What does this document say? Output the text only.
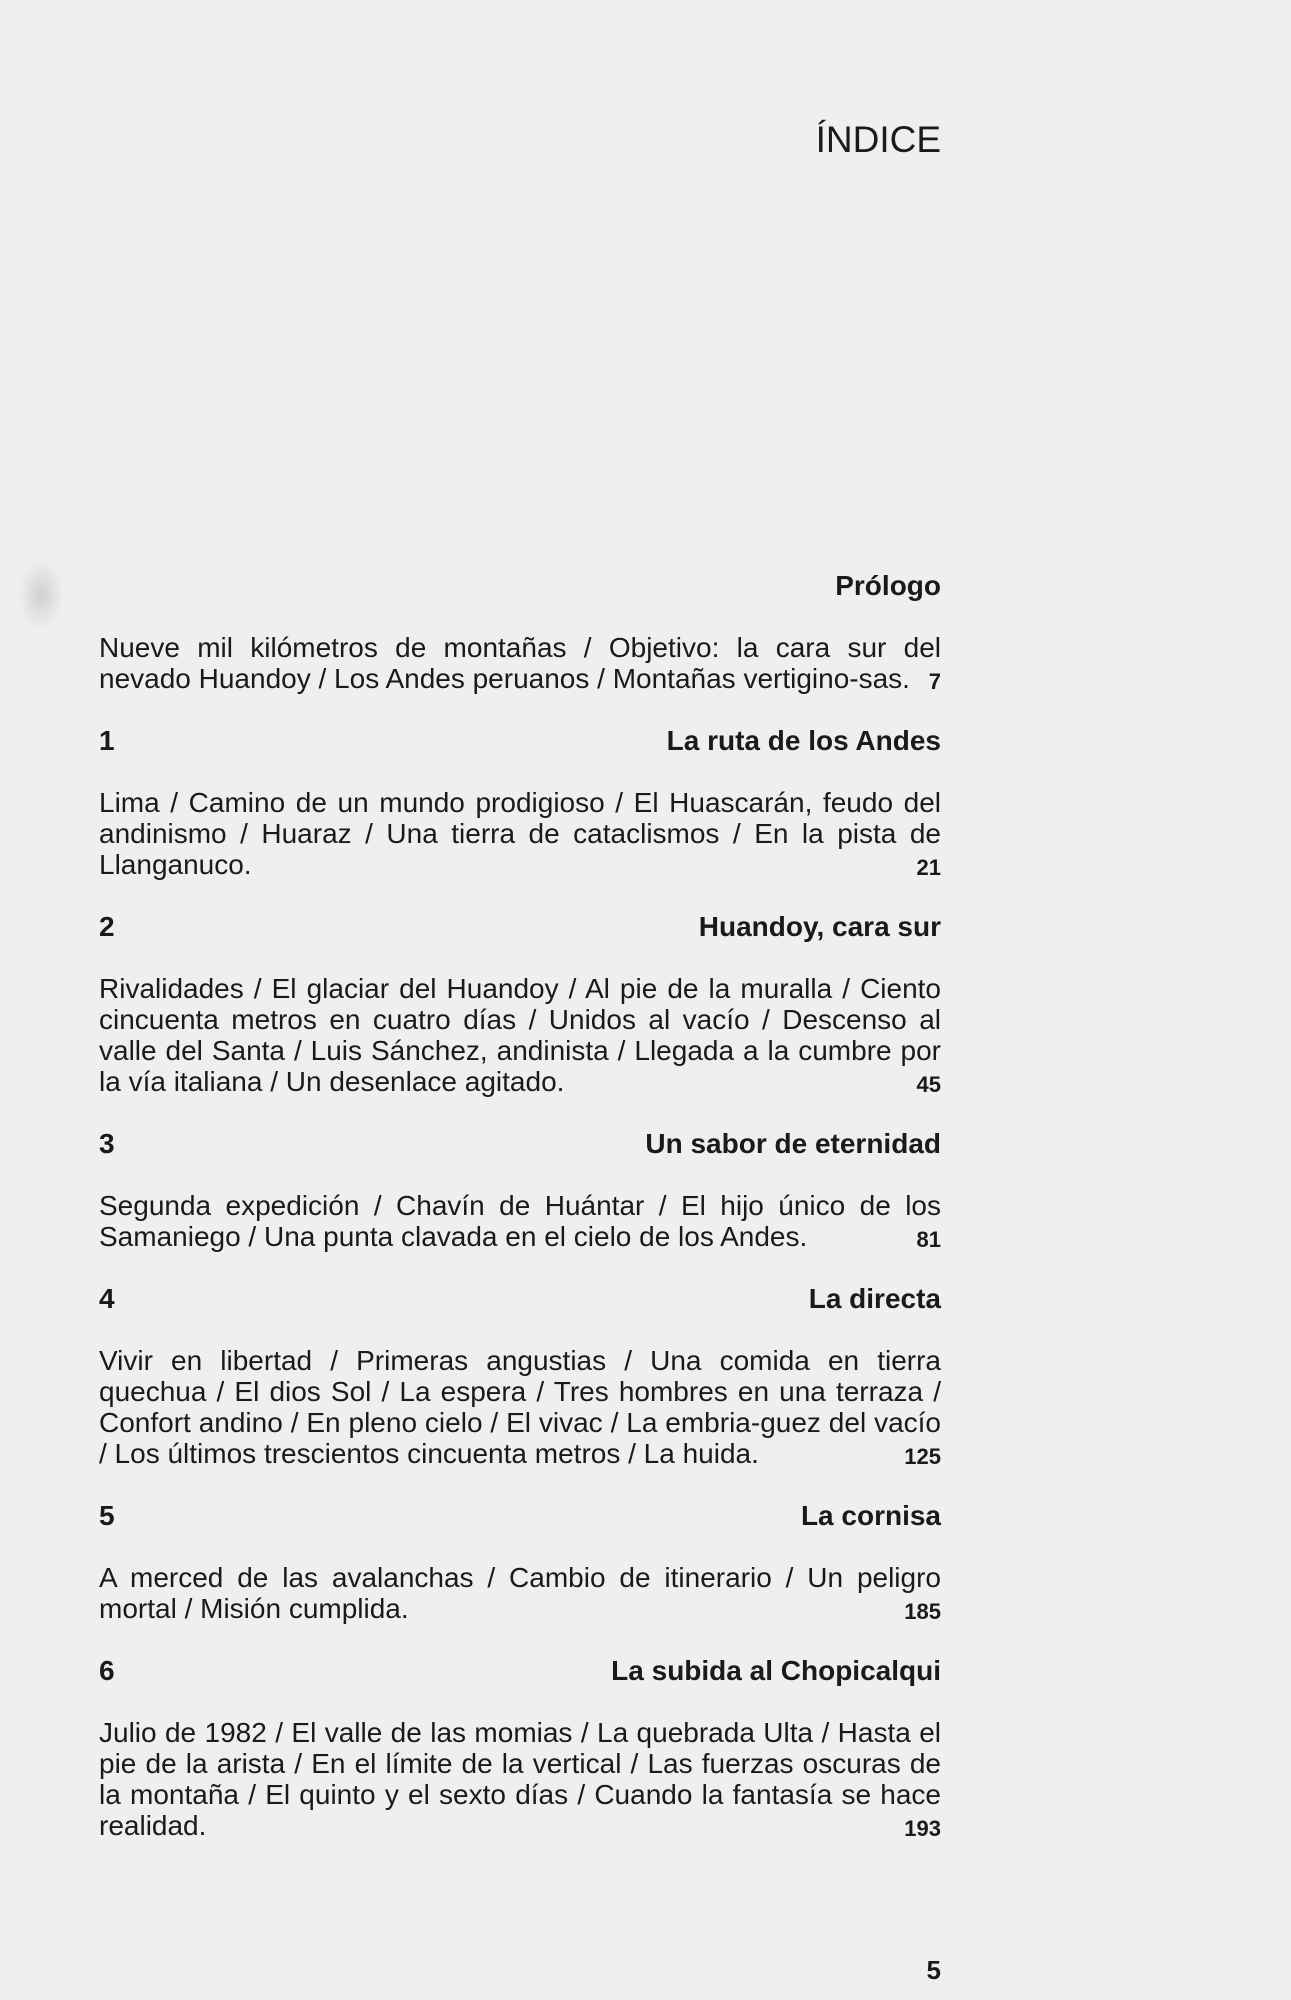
ÍNDICE
Prólogo
Nueve mil kilómetros de montañas / Objetivo: la cara sur del nevado Huandoy / Los Andes peruanos / Montañas vertigino-sas. 7
1	La ruta de los Andes
Lima / Camino de un mundo prodigioso / El Huascarán, feudo del andinismo / Huaraz / Una tierra de cataclismos / En la pista de Llanganuco.	21
2	Huandoy, cara sur
Rivalidades / El glaciar del Huandoy / Al pie de la muralla / Ciento cincuenta metros en cuatro días / Unidos al vacío / Descenso al valle del Santa / Luis Sánchez, andinista / Llegada a la cumbre por la vía italiana / Un desenlace agitado.	45
3	Un sabor de eternidad
Segunda expedición / Chavín de Huántar / El hijo único de los Samaniego / Una punta clavada en el cielo de los Andes.	81
4	La directa
Vivir en libertad / Primeras angustias / Una comida en tierra quechua / El dios Sol / La espera / Tres hombres en una terraza / Confort andino / En pleno cielo / El vivac / La embria-guez del vacío / Los últimos trescientos cincuenta metros / La huida.	125
5	La cornisa
A merced de las avalanchas / Cambio de itinerario / Un peligro mortal / Misión cumplida.	185
6	La subida al Chopicalqui
Julio de 1982 / El valle de las momias / La quebrada Ulta / Hasta el pie de la arista / En el límite de la vertical / Las fuerzas oscuras de la montaña / El quinto y el sexto días / Cuando la fantasía se hace realidad.	193
5
